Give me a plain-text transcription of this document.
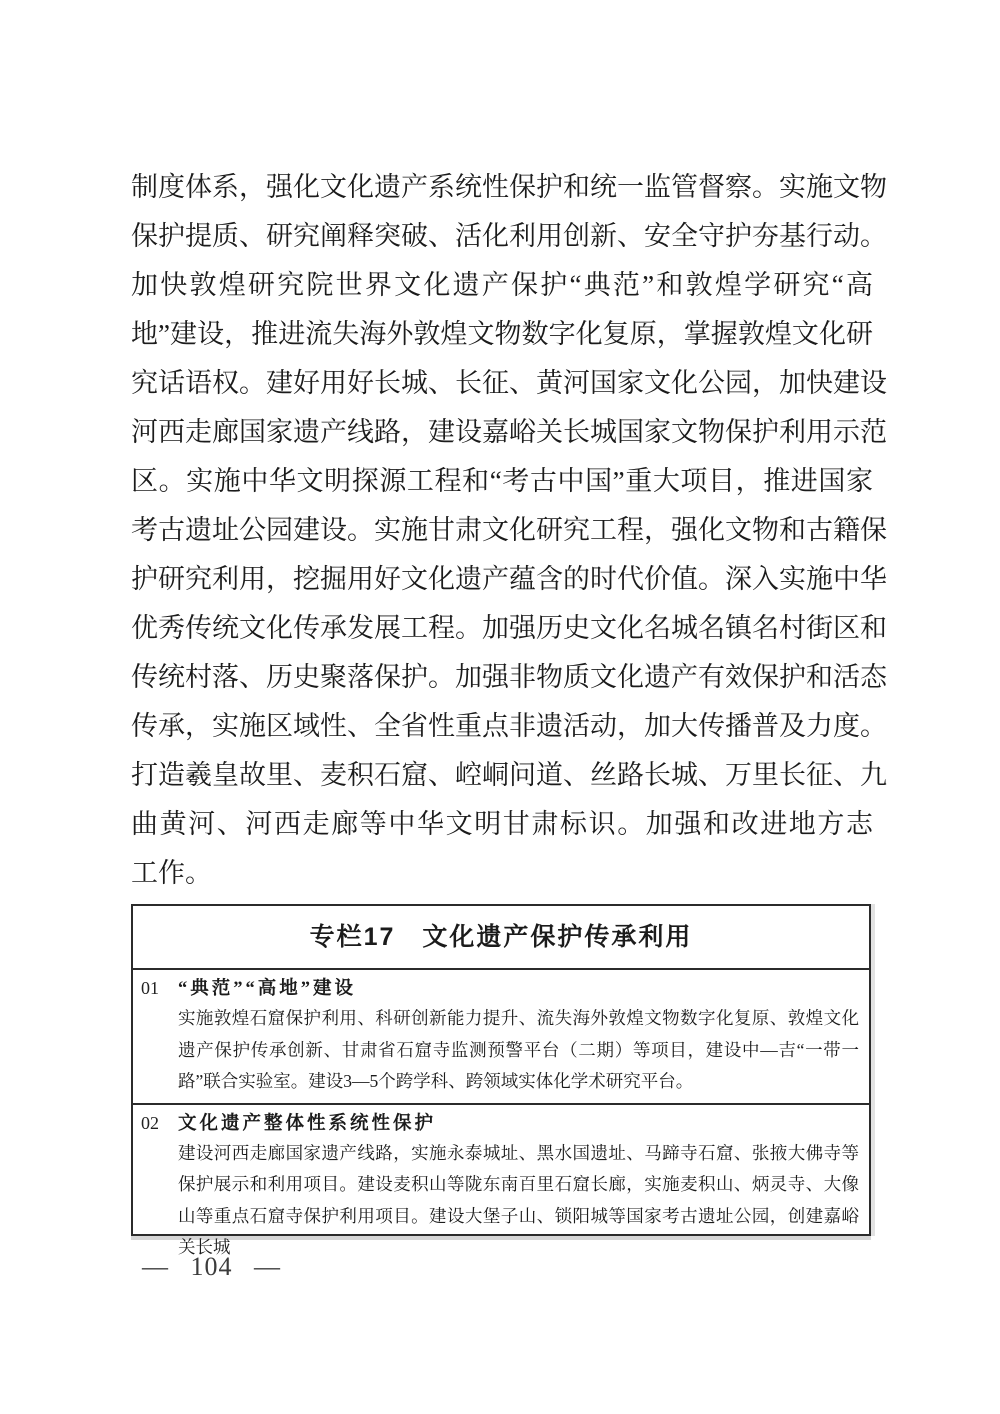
制度体系，强化文化遗产系统性保护和统一监管督察。实施文物
保护提质、研究阐释突破、活化利用创新、安全守护夯基行动。
加快敦煌研究院世界文化遗产保护“典范”和敦煌学研究“高
地”建设，推进流失海外敦煌文物数字化复原，掌握敦煌文化研
究话语权。建好用好长城、长征、黄河国家文化公园，加快建设
河西走廊国家遗产线路，建设嘉峪关长城国家文物保护利用示范
区。实施中华文明探源工程和“考古中国”重大项目，推进国家
考古遗址公园建设。实施甘肃文化研究工程，强化文物和古籍保
护研究利用，挖掘用好文化遗产蕴含的时代价值。深入实施中华
优秀传统文化传承发展工程。加强历史文化名城名镇名村街区和
传统村落、历史聚落保护。加强非物质文化遗产有效保护和活态
传承，实施区域性、全省性重点非遗活动，加大传播普及力度。
打造羲皇故里、麦积石窟、崆峒问道、丝路长城、万里长征、九
曲黄河、河西走廊等中华文明甘肃标识。加强和改进地方志
工作。
专栏17　文化遗产保护传承利用
01	“典范”“高地”建设
实施敦煌石窟保护利用、科研创新能力提升、流失海外敦煌文物数字化复原、敦煌文化遗产保护传承创新、甘肃省石窟寺监测预警平台（二期）等项目，建设中—吉“一带一路”联合实验室。建设3—5个跨学科、跨领域实体化学术研究平台。
02	文化遗产整体性系统性保护
建设河西走廊国家遗产线路，实施永泰城址、黑水国遗址、马蹄寺石窟、张掖大佛寺等保护展示和利用项目。建设麦积山等陇东南百里石窟长廊，实施麦积山、炳灵寺、大像山等重点石窟寺保护利用项目。建设大堡子山、锁阳城等国家考古遗址公园，创建嘉峪关长城
— 104 —
